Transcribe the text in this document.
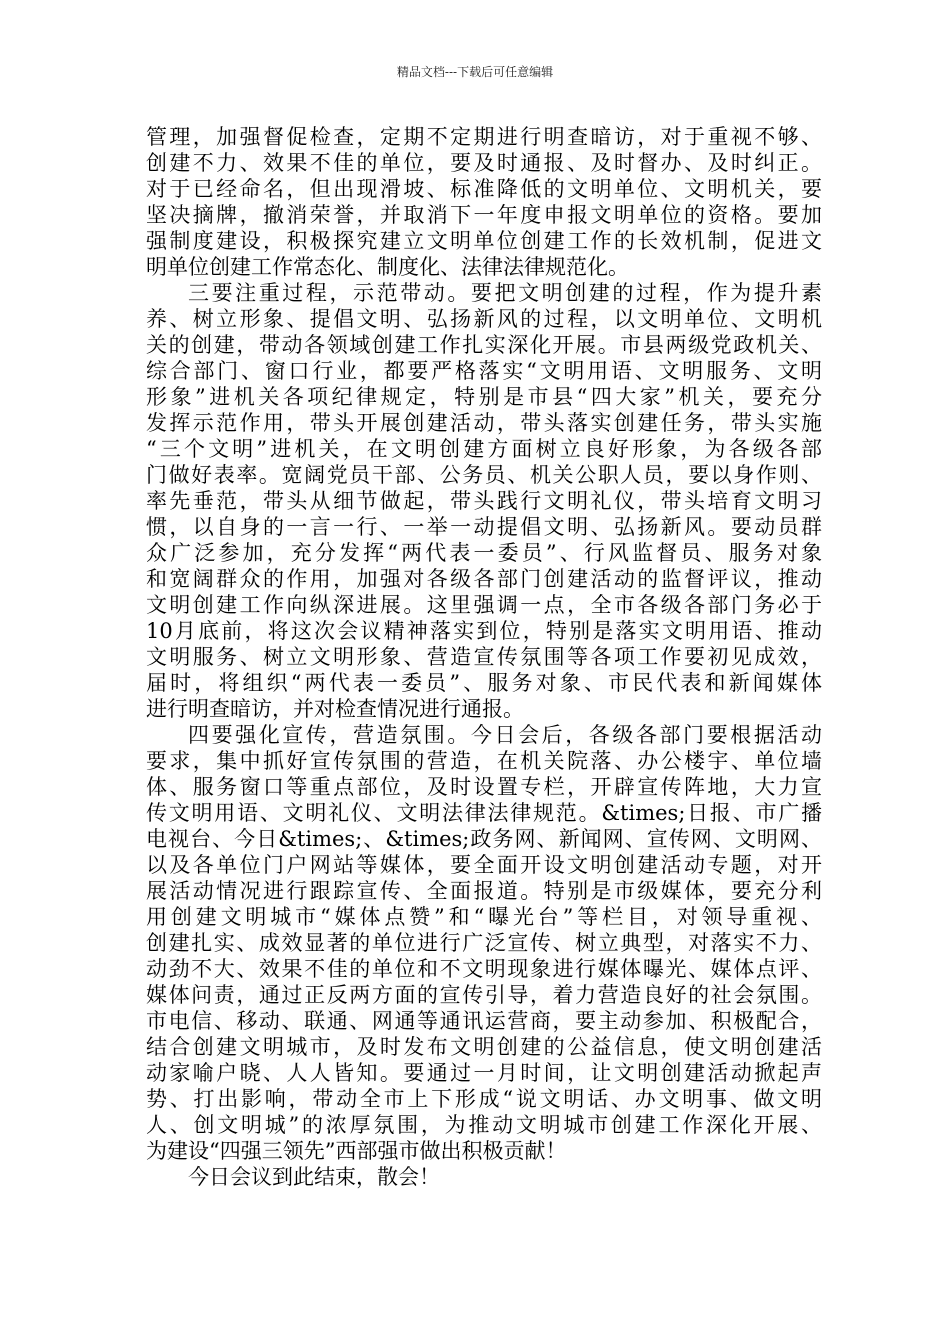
精品文档---下载后可任意编辑
管理，加强督促检查，定期不定期进行明查暗访，对于重视不够、
创建不力、效果不佳的单位，要及时通报、及时督办、及时纠正。
对于已经命名，但出现滑坡、标准降低的文明单位、文明机关，要
坚决摘牌，撤消荣誉，并取消下一年度申报文明单位的资格。要加
强制度建设，积极探究建立文明单位创建工作的长效机制，促进文
明单位创建工作常态化、制度化、法律法律规范化。
三要注重过程，示范带动。要把文明创建的过程，作为提升素
养、树立形象、提倡文明、弘扬新风的过程，以文明单位、文明机
关的创建，带动各领域创建工作扎实深化开展。市县两级党政机关、
综合部门、窗口行业，都要严格落实“文明用语、文明服务、文明
形象”进机关各项纪律规定，特别是市县“四大家”机关，要充分
发挥示范作用，带头开展创建活动，带头落实创建任务，带头实施
“三个文明”进机关，在文明创建方面树立良好形象，为各级各部
门做好表率。宽阔党员干部、公务员、机关公职人员，要以身作则、
率先垂范，带头从细节做起，带头践行文明礼仪，带头培育文明习
惯，以自身的一言一行、一举一动提倡文明、弘扬新风。要动员群
众广泛参加，充分发挥“两代表一委员”、行风监督员、服务对象
和宽阔群众的作用，加强对各级各部门创建活动的监督评议，推动
文明创建工作向纵深进展。这里强调一点，全市各级各部门务必于
10月底前，将这次会议精神落实到位，特别是落实文明用语、推动
文明服务、树立文明形象、营造宣传氛围等各项工作要初见成效，
届时，将组织“两代表一委员”、服务对象、市民代表和新闻媒体
进行明查暗访，并对检查情况进行通报。
四要强化宣传，营造氛围。今日会后，各级各部门要根据活动
要求，集中抓好宣传氛围的营造，在机关院落、办公楼宇、单位墙
体、服务窗口等重点部位，及时设置专栏，开辟宣传阵地，大力宣
传文明用语、文明礼仪、文明法律法律规范。&times;日报、市广播
电视台、今日&times;、&times;政务网、新闻网、宣传网、文明网、
以及各单位门户网站等媒体，要全面开设文明创建活动专题，对开
展活动情况进行跟踪宣传、全面报道。特别是市级媒体，要充分利
用创建文明城市“媒体点赞”和“曝光台”等栏目，对领导重视、
创建扎实、成效显著的单位进行广泛宣传、树立典型，对落实不力、
动劲不大、效果不佳的单位和不文明现象进行媒体曝光、媒体点评、
媒体问责，通过正反两方面的宣传引导，着力营造良好的社会氛围。
市电信、移动、联通、网通等通讯运营商，要主动参加、积极配合，
结合创建文明城市，及时发布文明创建的公益信息，使文明创建活
动家喻户晓、人人皆知。要通过一月时间，让文明创建活动掀起声
势、打出影响，带动全市上下形成“说文明话、办文明事、做文明
人、创文明城”的浓厚氛围，为推动文明城市创建工作深化开展、
为建设“四强三领先”西部强市做出积极贡献！
今日会议到此结束，散会！
